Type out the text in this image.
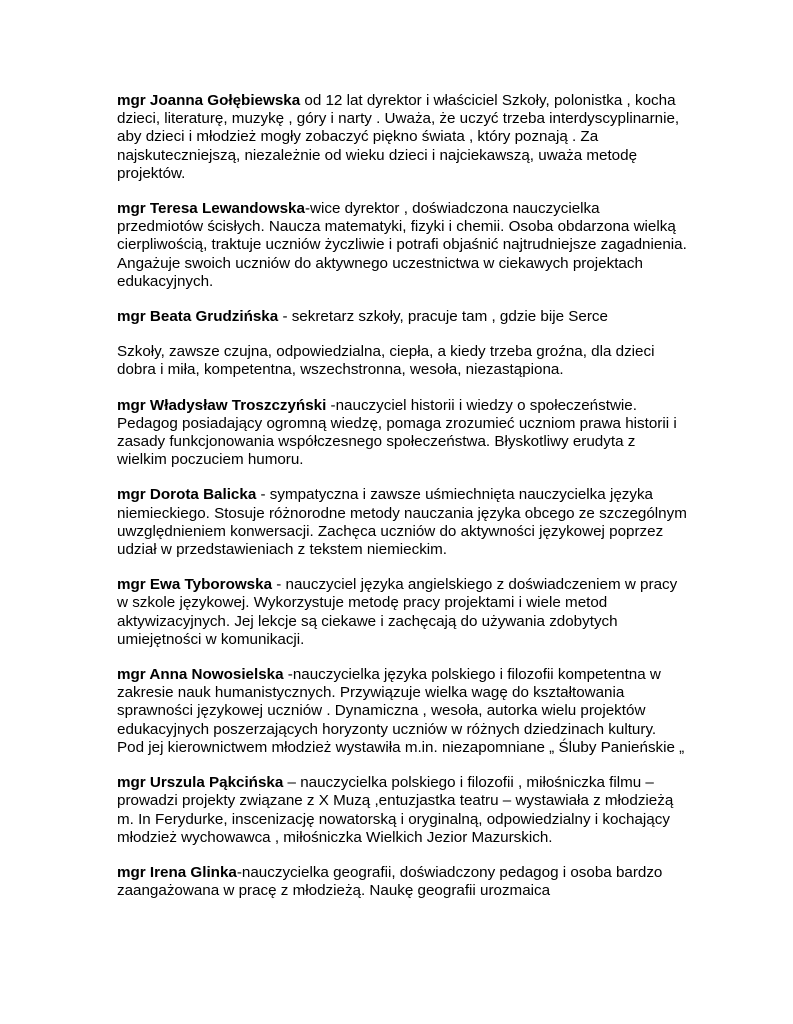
mgr Joanna Gołębiewska od 12 lat dyrektor i właściciel Szkoły, polonistka , kocha dzieci, literaturę, muzykę , góry i narty . Uważa, że uczyć trzeba interdyscyplinarnie, aby dzieci i młodzież mogły zobaczyć piękno świata , który poznają . Za najskuteczniejszą, niezależnie od wieku dzieci i najciekawszą, uważa metodę projektów.

mgr Teresa Lewandowska-wice dyrektor , doświadczona nauczycielka przedmiotów ścisłych. Naucza matematyki, fizyki i chemii. Osoba obdarzona wielką cierpliwością, traktuje uczniów życzliwie i potrafi objaśnić najtrudniejsze zagadnienia. Angażuje swoich uczniów do aktywnego uczestnictwa w ciekawych projektach edukacyjnych.

mgr Beata Grudzińska - sekretarz szkoły, pracuje tam , gdzie bije Serce

Szkoły, zawsze czujna, odpowiedzialna, ciepła, a kiedy trzeba groźna, dla dzieci dobra i miła, kompetentna, wszechstronna, wesoła, niezastąpiona.

mgr Władysław Troszczyński -nauczyciel historii i wiedzy o społeczeństwie. Pedagog posiadający ogromną wiedzę, pomaga zrozumieć uczniom prawa historii i zasady funkcjonowania współczesnego społeczeństwa. Błyskotliwy erudyta z wielkim poczuciem humoru.

mgr Dorota Balicka - sympatyczna i zawsze uśmiechnięta nauczycielka języka niemieckiego. Stosuje różnorodne metody nauczania języka obcego ze szczególnym uwzględnieniem konwersacji. Zachęca uczniów do aktywności językowej poprzez udział w przedstawieniach z tekstem niemieckim.

mgr Ewa Tyborowska - nauczyciel języka angielskiego z doświadczeniem w pracy w szkole językowej. Wykorzystuje metodę pracy projektami i wiele metod aktywizacyjnych. Jej lekcje są ciekawe i zachęcają do używania zdobytych umiejętności w komunikacji.

mgr Anna Nowosielska -nauczycielka języka polskiego i filozofii kompetentna w zakresie nauk humanistycznych. Przywiązuje wielka wagę do kształtowania sprawności językowej uczniów . Dynamiczna , wesoła, autorka wielu projektów edukacyjnych poszerzających horyzonty uczniów w różnych dziedzinach kultury. Pod jej kierownictwem młodzież wystawiła m.in. niezapomniane „ Śluby Panieńskie „

mgr Urszula Pąkcińska – nauczycielka polskiego i filozofii , miłośniczka filmu –prowadzi projekty związane z X Muzą ,entuzjastka teatru – wystawiała z młodzieżą m. In Ferydurke, inscenizację nowatorską i oryginalną, odpowiedzialny i kochający młodzież wychowawca , miłośniczka Wielkich Jezior Mazurskich.

mgr Irena Glinka-nauczycielka geografii, doświadczony pedagog i osoba bardzo zaangażowana w pracę z młodzieżą. Naukę geografii urozmaica
